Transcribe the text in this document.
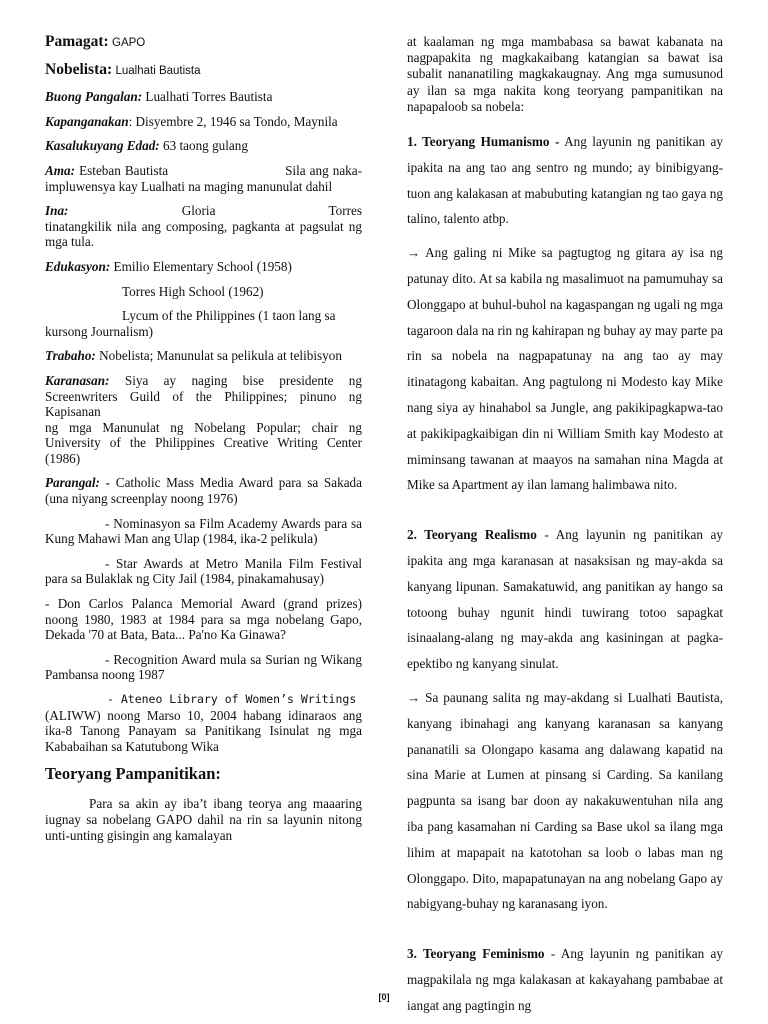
Pamagat: GAPO

Nobelista: Lualhati Bautista

Buong Pangalan: Lualhati Torres Bautista

Kapanganakan: Disyembre 2, 1946 sa Tondo, Maynila

Kasalukuyang Edad: 63 taong gulang

Ama: Esteban Bautista                             Sila ang naka-impluwensya kay Lualhati na maging manunulat dahil

Ina:                         Gloria                         Torres tinatangkilik nila ang composing, pagkanta at pagsulat ng mga tula.

Edukasyon: Emilio Elementary School (1958)

Torres High School (1962)

Lycum of the Philippines (1 taon lang sa kursong Journalism)

Trabaho: Nobelista; Manunulat sa pelikula at telibisyon

Karanasan: Siya ay naging bise presidente ng Screenwriters Guild of the Philippines; pinuno ng Kapisanan

ng mga Manunulat ng Nobelang Popular; chair ng University of the Philippines Creative Writing Center (1986)

Parangal: - Catholic Mass Media Award para sa Sakada (una niyang screenplay noong 1976)

- Nominasyon sa Film Academy Awards para sa Kung Mahawi Man ang Ulap (1984, ika-2 pelikula)

- Star Awards at Metro Manila Film Festival para sa Bulaklak ng City Jail (1984, pinakamahusay)

- Don Carlos Palanca Memorial Award (grand prizes) noong 1980, 1983 at 1984 para sa mga nobelang Gapo, Dekada '70 at Bata, Bata... Pa'no Ka Ginawa?

- Recognition Award mula sa Surian ng Wikang Pambansa noong 1987

- Ateneo Library of Women’s Writings

(ALIWW) noong Marso 10, 2004 habang idinaraos ang ika-8 Tanong Panayam sa Panitikang Isinulat ng mga Kababaihan sa Katutubong Wika

Teoryang Pampanitikan:

Para sa akin ay iba’t ibang teorya ang maaaring iugnay sa nobelang GAPO dahil na rin sa layunin nitong unti-unting gisingin ang kamalayan

at kaalaman ng mga mambabasa sa bawat kabanata na nagpapakita ng magkakaibang katangian sa bawat isa subalit nananatiling magkakaugnay. Ang mga sumusunod ay ilan sa mga nakita kong teoryang pampanitikan na napapaloob sa nobela:

1. Teoryang Humanismo - Ang layunin ng panitikan ay ipakita na ang tao ang sentro ng mundo; ay binibigyang-tuon ang kalakasan at mabubuting katangian ng tao gaya ng talino, talento atbp.

→ Ang galing ni Mike sa pagtugtog ng gitara ay isa ng patunay dito. At sa kabila ng masalimuot na pamumuhay sa Olonggapo at buhul-buhol na kagaspangan ng ugali ng mga tagaroon dala na rin ng kahirapan ng buhay ay may parte pa rin sa nobela na nagpapatunay na ang tao ay may itinatagong kabaitan. Ang pagtulong ni Modesto kay Mike nang siya ay hinahabol sa Jungle, ang pakikipagkapwa-tao at pakikipagkaibigan din ni William Smith kay Modesto at miminsang tawanan at maayos na samahan nina Magda at Mike sa Apartment ay ilan lamang halimbawa nito.

2. Teoryang Realismo - Ang layunin ng panitikan ay ipakita ang mga karanasan at nasaksisan ng may-akda sa kanyang lipunan. Samakatuwid, ang panitikan ay hango sa totoong buhay ngunit hindi tuwirang totoo sapagkat isinaalang-alang ng may-akda ang kasiningan at pagka-epektibo ng kanyang sinulat.

→ Sa paunang salita ng may-akdang si Lualhati Bautista, kanyang ibinahagi ang kanyang karanasan sa kanyang pananatili sa Olongapo kasama ang dalawang kapatid na sina Marie at Lumen at pinsang si Carding. Sa kanilang pagpunta sa isang bar doon ay nakakuwentuhan nila ang iba pang kasamahan ni Carding sa Base ukol sa ilang mga lihim at mapapait na katotohan sa loob o labas man ng Olonggapo. Dito, mapapatunayan na ang nobelang Gapo ay nabigyang-buhay ng karanasang iyon.

3. Teoryang Feminismo - Ang layunin ng panitikan ay magpakilala ng mga kalakasan at kakayahang pambabae at iangat ang pagtingin ng

[0]
